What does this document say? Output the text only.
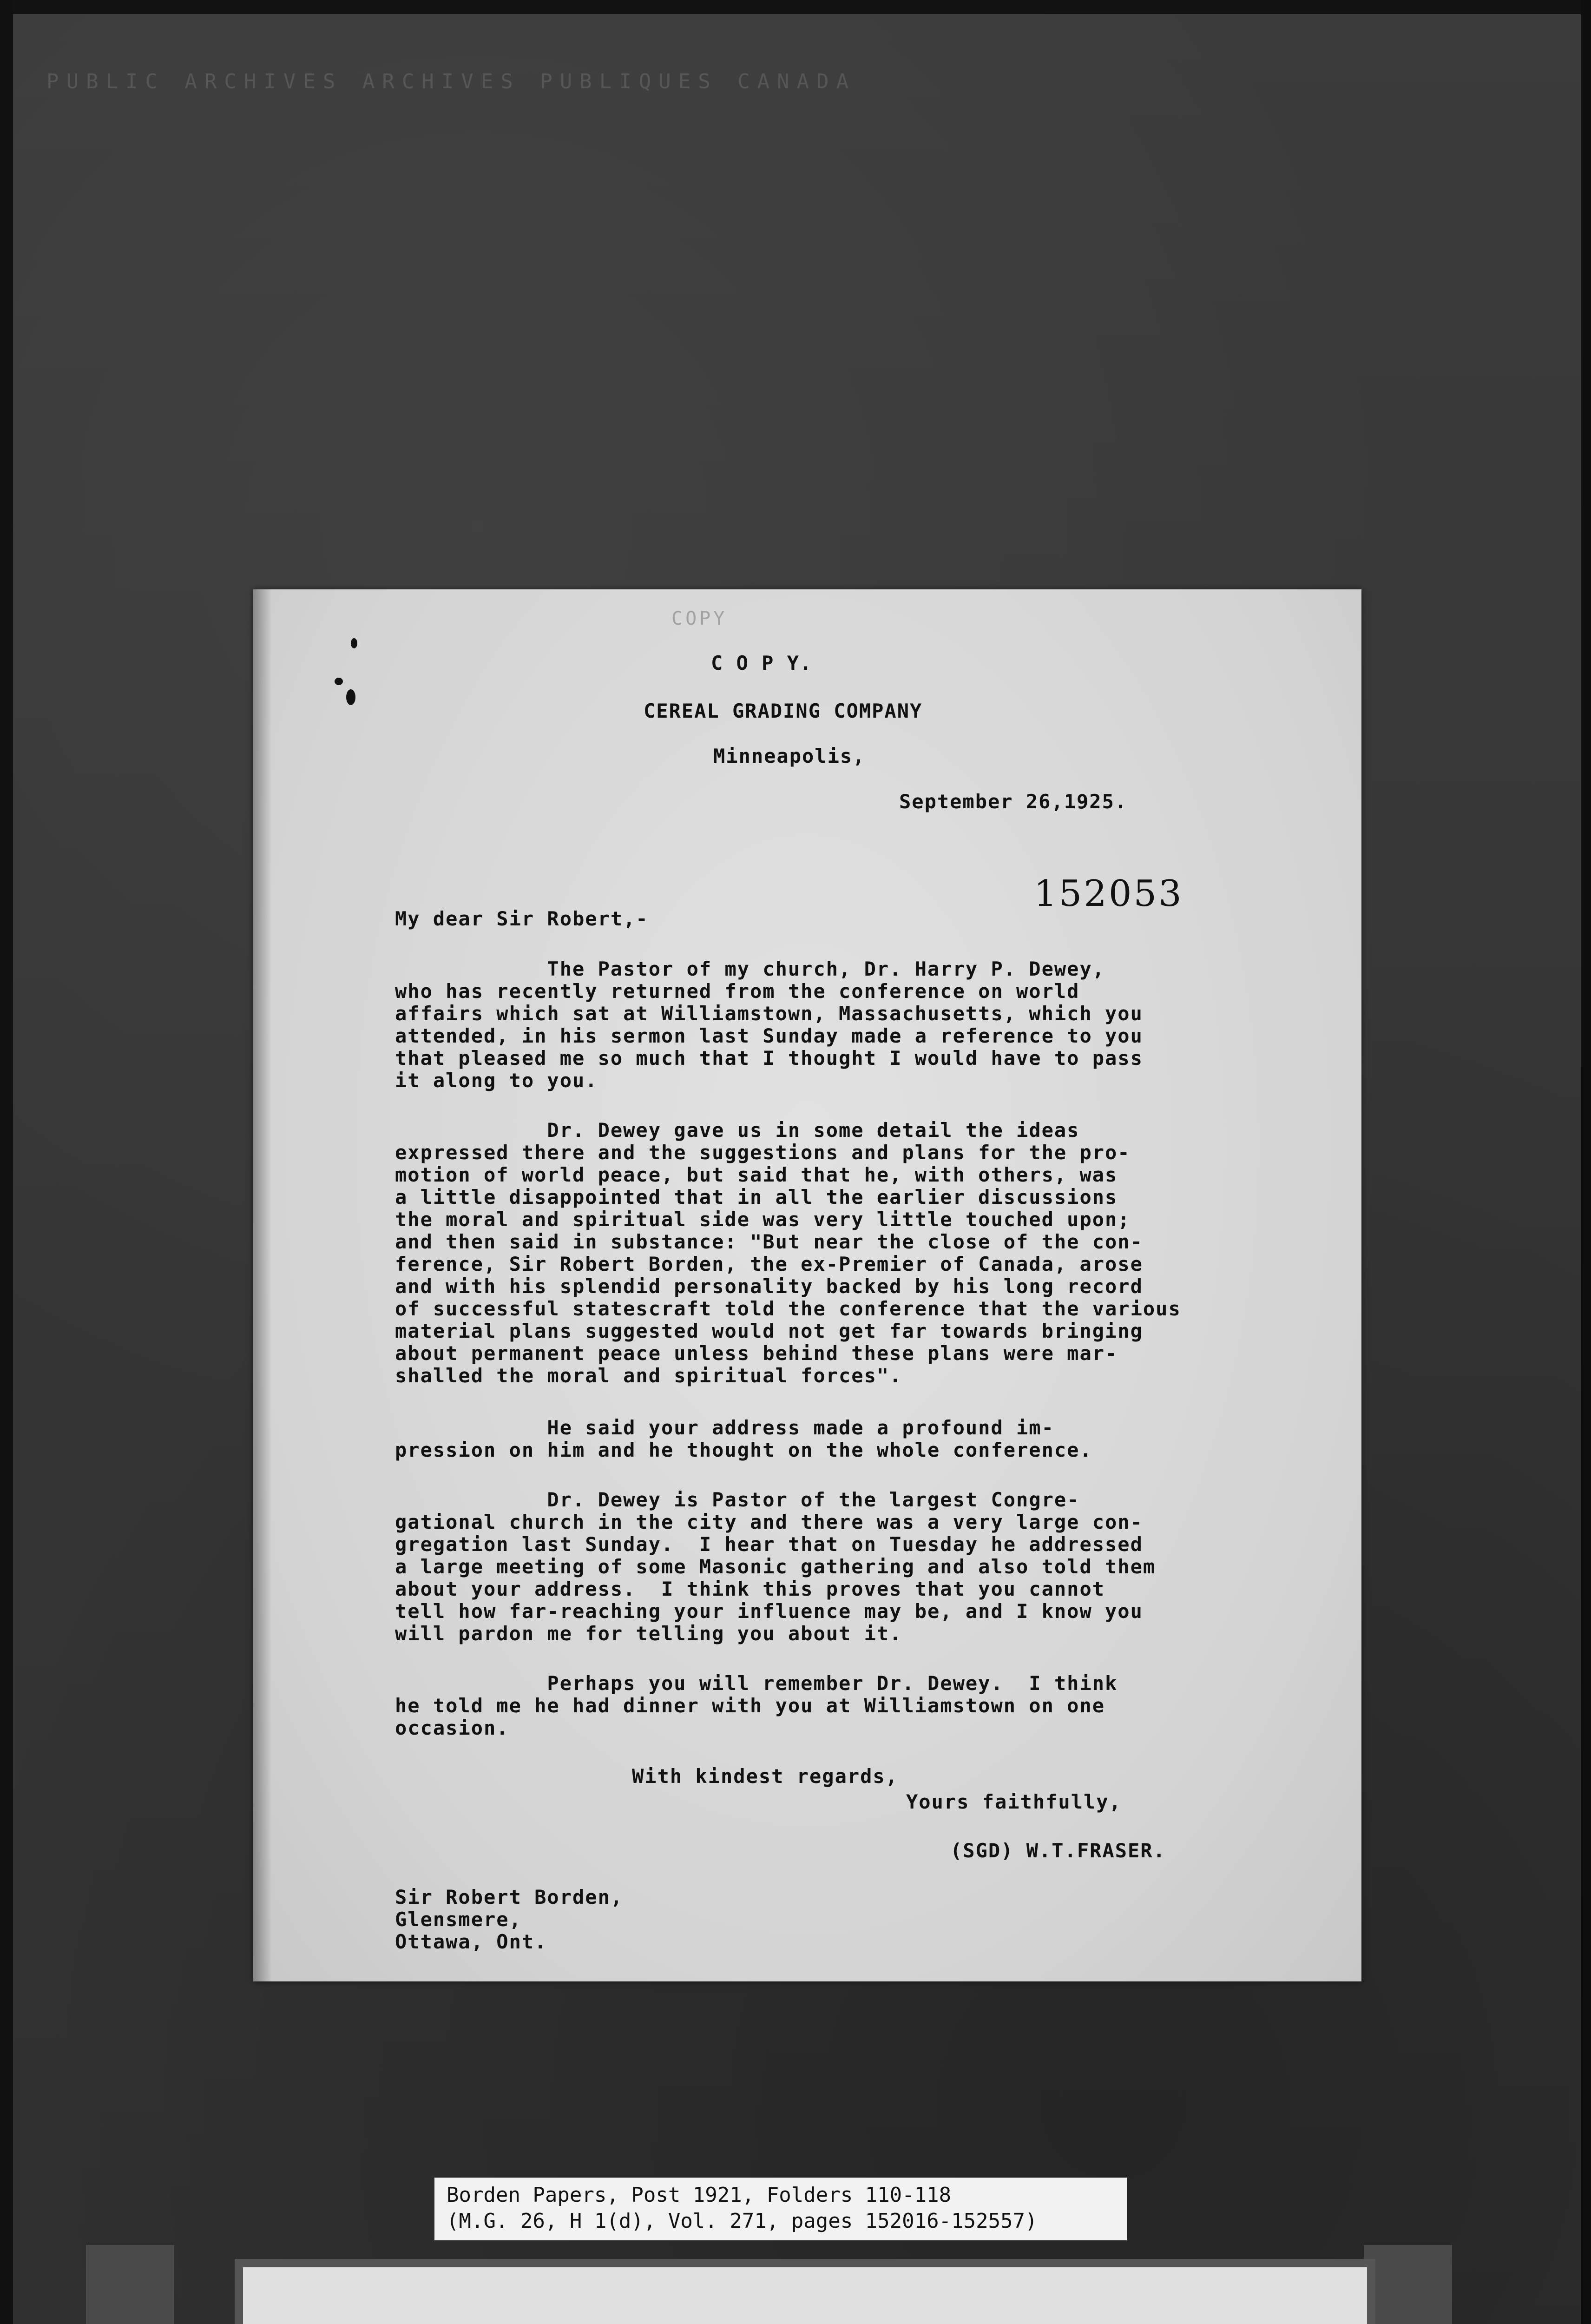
PUBLIC ARCHIVES ARCHIVES PUBLIQUES CANADA
COPY
C O P Y.
CEREAL GRADING COMPANY
Minneapolis,
September 26,1925.
152053
My dear Sir Robert,-
The Pastor of my church, Dr. Harry P. Dewey,
who has recently returned from the conference on world
affairs which sat at Williamstown, Massachusetts, which you
attended, in his sermon last Sunday made a reference to you
that pleased me so much that I thought I would have to pass
it along to you.
Dr. Dewey gave us in some detail the ideas
expressed there and the suggestions and plans for the pro-
motion of world peace, but said that he, with others, was
a little disappointed that in all the earlier discussions
the moral and spiritual side was very little touched upon;
and then said in substance: "But near the close of the con-
ference, Sir Robert Borden, the ex-Premier of Canada, arose
and with his splendid personality backed by his long record
of successful statescraft told the conference that the various
material plans suggested would not get far towards bringing
about permanent peace unless behind these plans were mar-
shalled the moral and spiritual forces".
He said your address made a profound im-
pression on him and he thought on the whole conference.
Dr. Dewey is Pastor of the largest Congre-
gational church in the city and there was a very large con-
gregation last Sunday.  I hear that on Tuesday he addressed
a large meeting of some Masonic gathering and also told them
about your address.  I think this proves that you cannot
tell how far-reaching your influence may be, and I know you
will pardon me for telling you about it.
Perhaps you will remember Dr. Dewey.  I think
he told me he had dinner with you at Williamstown on one
occasion.
With kindest regards,
Yours faithfully,
(SGD) W.T.FRASER.
Sir Robert Borden,
Glensmere,
Ottawa, Ont.
Borden Papers, Post 1921, Folders 110-118
(M.G. 26, H 1(d), Vol. 271, pages 152016-152557)
